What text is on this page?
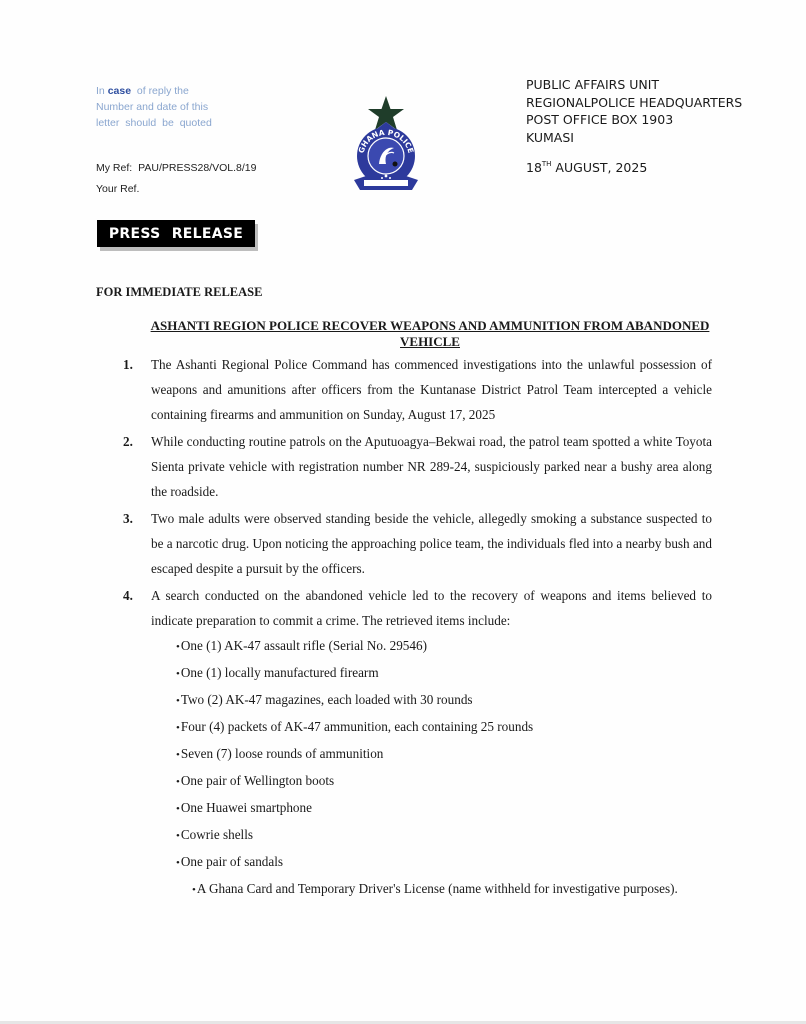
In case of reply the
Number and date of this
letter should be quoted
My Ref: PAU/PRESS28/VOL.8/19
Your Ref.
GHANA POLICE
PUBLIC AFFAIRS UNIT
REGIONALPOLICE HEADQUARTERS
POST OFFICE BOX 1903
KUMASI
18TH AUGUST, 2025
PRESS RELEASE
FOR IMMEDIATE RELEASE
ASHANTI REGION POLICE RECOVER WEAPONS AND AMMUNITION FROM ABANDONED VEHICLE
1.	The Ashanti Regional Police Command has commenced investigations into the unlawful possession of weapons and amunitions after officers from the Kuntanase District Patrol Team intercepted a vehicle containing firearms and ammunition on Sunday, August 17, 2025
2.	While conducting routine patrols on the Aputuoagya–Bekwai road, the patrol team spotted a white Toyota Sienta private vehicle with registration number NR 289-24, suspiciously parked near a bushy area along the roadside.
3.	Two male adults were observed standing beside the vehicle, allegedly smoking a substance suspected to be a narcotic drug. Upon noticing the approaching police team, the individuals fled into a nearby bush and escaped despite a pursuit by the officers.
4.	A search conducted on the abandoned vehicle led to the recovery of weapons and items believed to indicate preparation to commit a crime. The retrieved items include:
•One (1) AK-47 assault rifle (Serial No. 29546)
•One (1) locally manufactured firearm
•Two (2) AK-47 magazines, each loaded with 30 rounds
•Four (4) packets of AK-47 ammunition, each containing 25 rounds
•Seven (7) loose rounds of ammunition
•One pair of Wellington boots
•One Huawei smartphone
•Cowrie shells
•One pair of sandals
•A Ghana Card and Temporary Driver's License (name withheld for investigative purposes).
